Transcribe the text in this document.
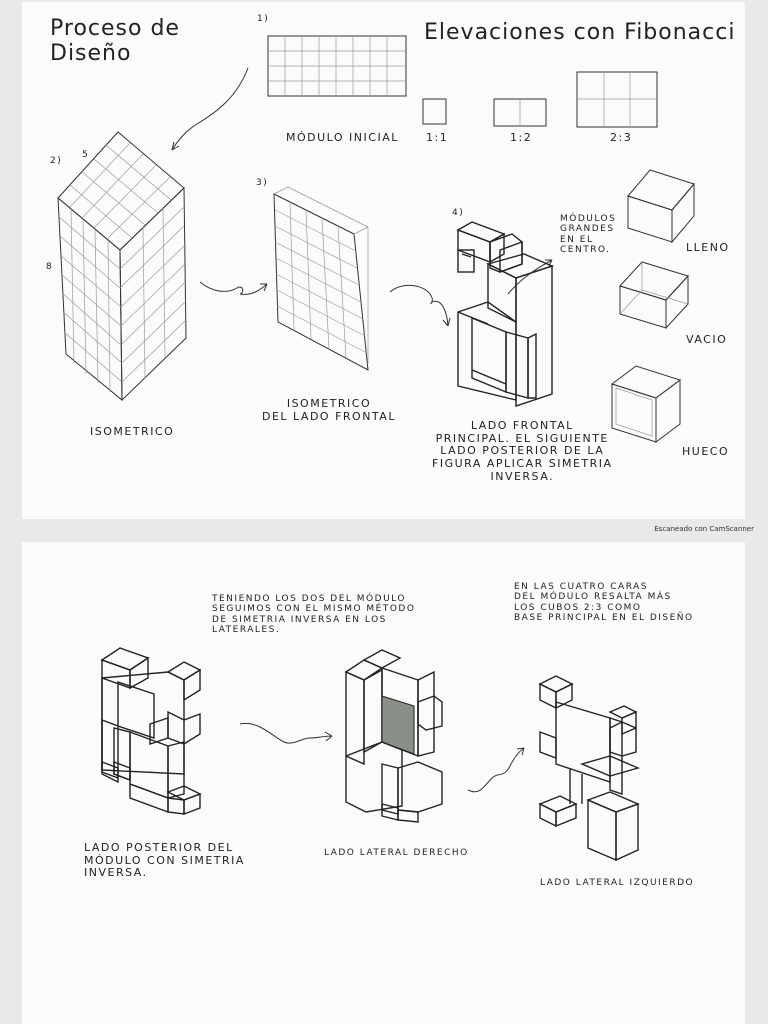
Proceso de
Diseño
Elevaciones con Fibonacci
1)
2)
3)
4)
MÓDULO INICIAL 1:1	1:2	2:3
5
8
ISOMETRICO
ISOMETRICO
DEL LADO FRONTAL
MÓDULOS
GRANDES
EN EL
CENTRO.
LADO FRONTAL
PRINCIPAL. EL SIGUIENTE
LADO POSTERIOR DE LA
FIGURA APLICAR SIMETRIA
INVERSA.
LLENO
VACIO
HUECO
Escaneado con CamScanner
TENIENDO LOS DOS DEL MÓDULO
SEGUIMOS CON EL MISMO MÉTODO
DE SIMETRIA INVERSA EN LOS
LATERALES.
EN LAS CUATRO CARAS
DEL MÓDULO RESALTA MÁS
LOS CUBOS 2:3 COMO
BASE PRINCIPAL EN EL DISEÑO
LADO POSTERIOR DEL
MÓDULO CON SIMETRIA
INVERSA.
LADO LATERAL DERECHO
LADO LATERAL IZQUIERDO
